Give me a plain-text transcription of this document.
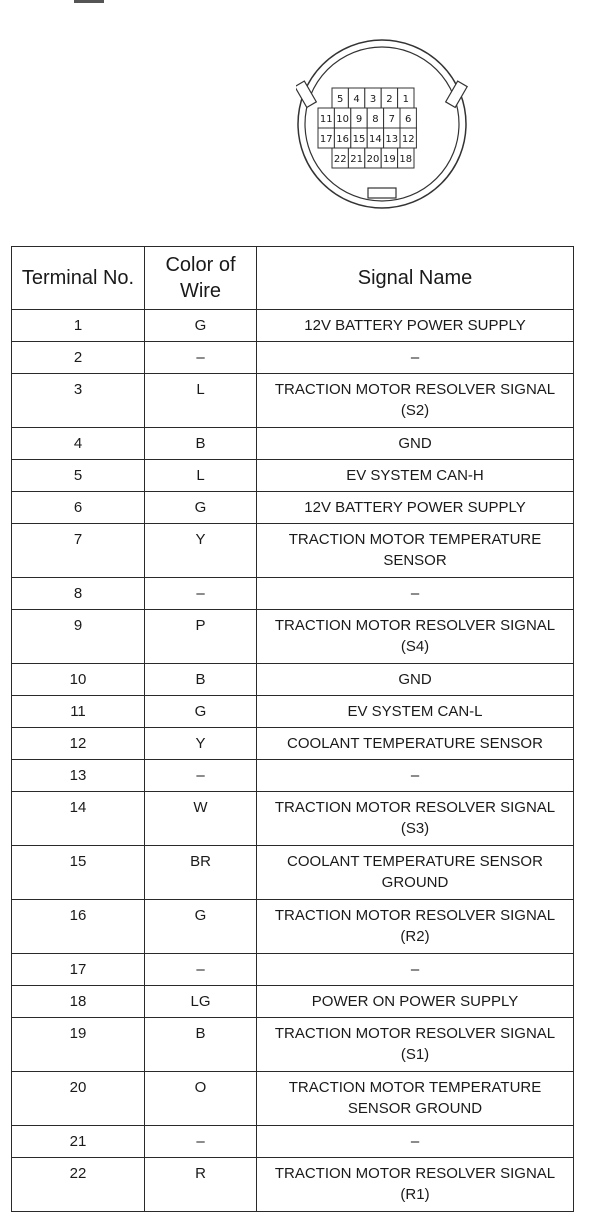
5 4 3 2 1
11 10 9 8 7 6
17 16 15 14 13 12
22 21 20 19 18
Terminal No.	Color of Wire	Signal Name
1	G	12V BATTERY POWER SUPPLY

2	–	–

3	L	TRACTION MOTOR RESOLVER SIGNAL (S2)

4	B	GND

5	L	EV SYSTEM CAN-H

6	G	12V BATTERY POWER SUPPLY

7	Y	TRACTION MOTOR TEMPERATURE SENSOR

8	–	–

9	P	TRACTION MOTOR RESOLVER SIGNAL (S4)

10	B	GND

11	G	EV SYSTEM CAN-L

12	Y	COOLANT TEMPERATURE SENSOR

13	–	–

14	W	TRACTION MOTOR RESOLVER SIGNAL (S3)

15	BR	COOLANT TEMPERATURE SENSOR GROUND

16	G	TRACTION MOTOR RESOLVER SIGNAL (R2)

17	–	–

18	LG	POWER ON POWER SUPPLY

19	B	TRACTION MOTOR RESOLVER SIGNAL (S1)

20	O	TRACTION MOTOR TEMPERATURE SENSOR GROUND

21	–	–

22	R	TRACTION MOTOR RESOLVER SIGNAL (R1)
